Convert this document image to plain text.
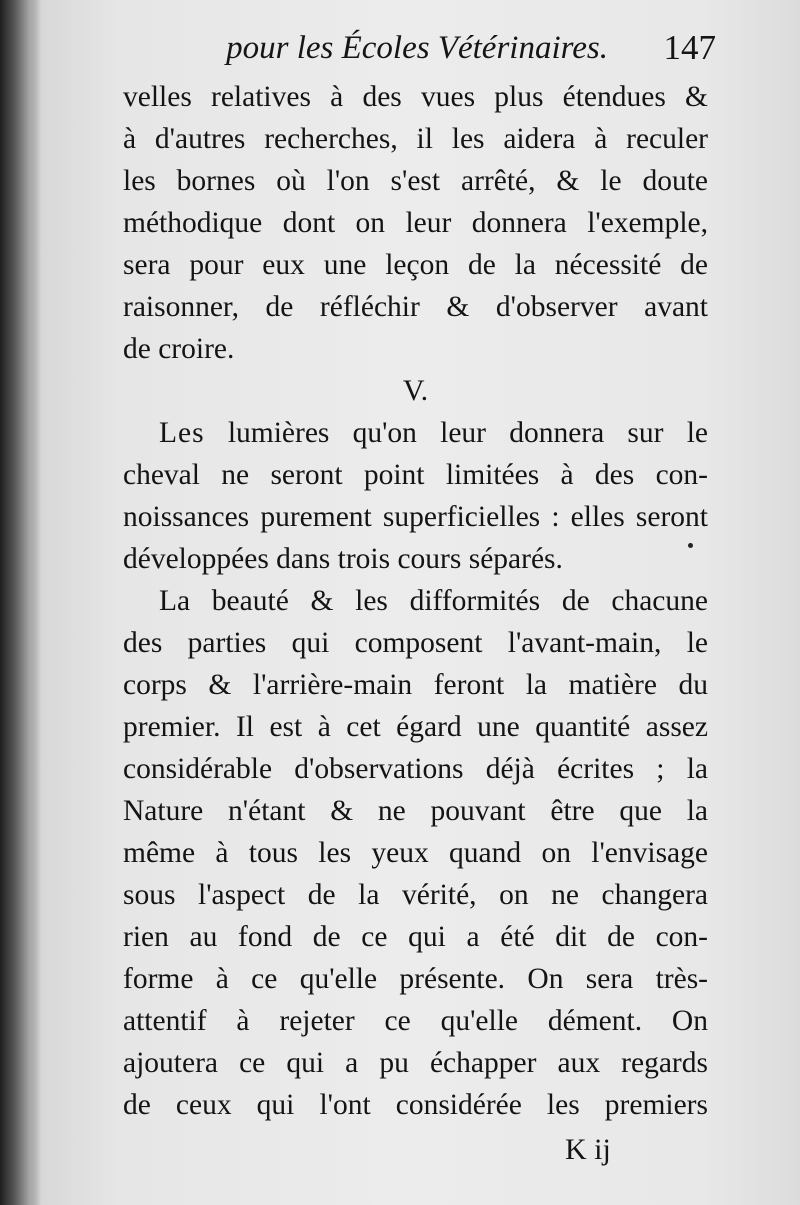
pour les Écoles Vétérinaires. 147
velles relatives à des vues plus étendues &
à d'autres recherches, il les aidera à reculer
les bornes où l'on s'est arrêté, & le doute
méthodique dont on leur donnera l'exemple,
sera pour eux une leçon de la nécessité de
raisonner, de réfléchir & d'observer avant
de croire.
V.
Les lumières qu'on leur donnera sur le
cheval ne seront point limitées à des con-
noissances purement superficielles : elles seront
développées dans trois cours séparés.
La beauté & les difformités de chacune
des parties qui composent l'avant-main, le
corps & l'arrière-main feront la matière du
premier. Il est à cet égard une quantité assez
considérable d'observations déjà écrites ; la
Nature n'étant & ne pouvant être que la
même à tous les yeux quand on l'envisage
sous l'aspect de la vérité, on ne changera
rien au fond de ce qui a été dit de con-
forme à ce qu'elle présente. On sera très-
attentif à rejeter ce qu'elle dément. On
ajoutera ce qui a pu échapper aux regards
de ceux qui l'ont considérée les premiers
K ij
